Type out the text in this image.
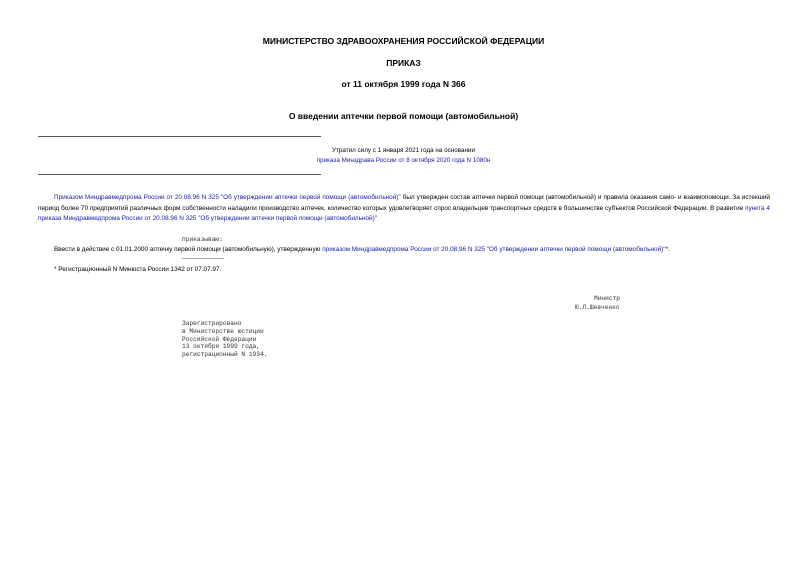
МИНИСТЕРСТВО ЗДРАВООХРАНЕНИЯ РОССИЙСКОЙ ФЕДЕРАЦИИ
ПРИКАЗ
от 11 октября 1999 года N 366
О введении аптечки первой помощи (автомобильной)
Утратил силу с 1 января 2021 года на основании
приказа Минздрава России от 8 октября 2020 года N 1080н
Приказом Миндравмедпрома России от 20.08.96 N 325 "Об утверждении аптечки первой помощи (автомобильной)" был утвержден состав аптечки первой помощи (автомобильной) и правила оказания само- и взаимопомощи. За истекший период более 70 предприятий различных форм собственности наладили производство аптечек, количество которых удовлетворяет спрос владельцев транспортных средств в большинстве субъектов Российской Федерации. В развитие пункта 4 приказа Миндравмедпрома России от 20.08.96 N 325 "Об утверждении аптечки первой помощи (автомобильной)"
приказываю:
Ввести в действие с 01.01.2000 аптечку первой помощи (автомобильную), утвержденную приказом Миндравмедпрома России от 20.08.96 N 325 "Об утверждении аптечки первой помощи (автомобильной)"*.
───────────────
* Регистрационный N Минюста России 1342 от 07.07.97.
Министр
Ю.Л.Шевченко
Зарегистрировано
в Министерстве юстиции
Российской Федерации
13 октября 1999 года,
регистрационный N 1934.
